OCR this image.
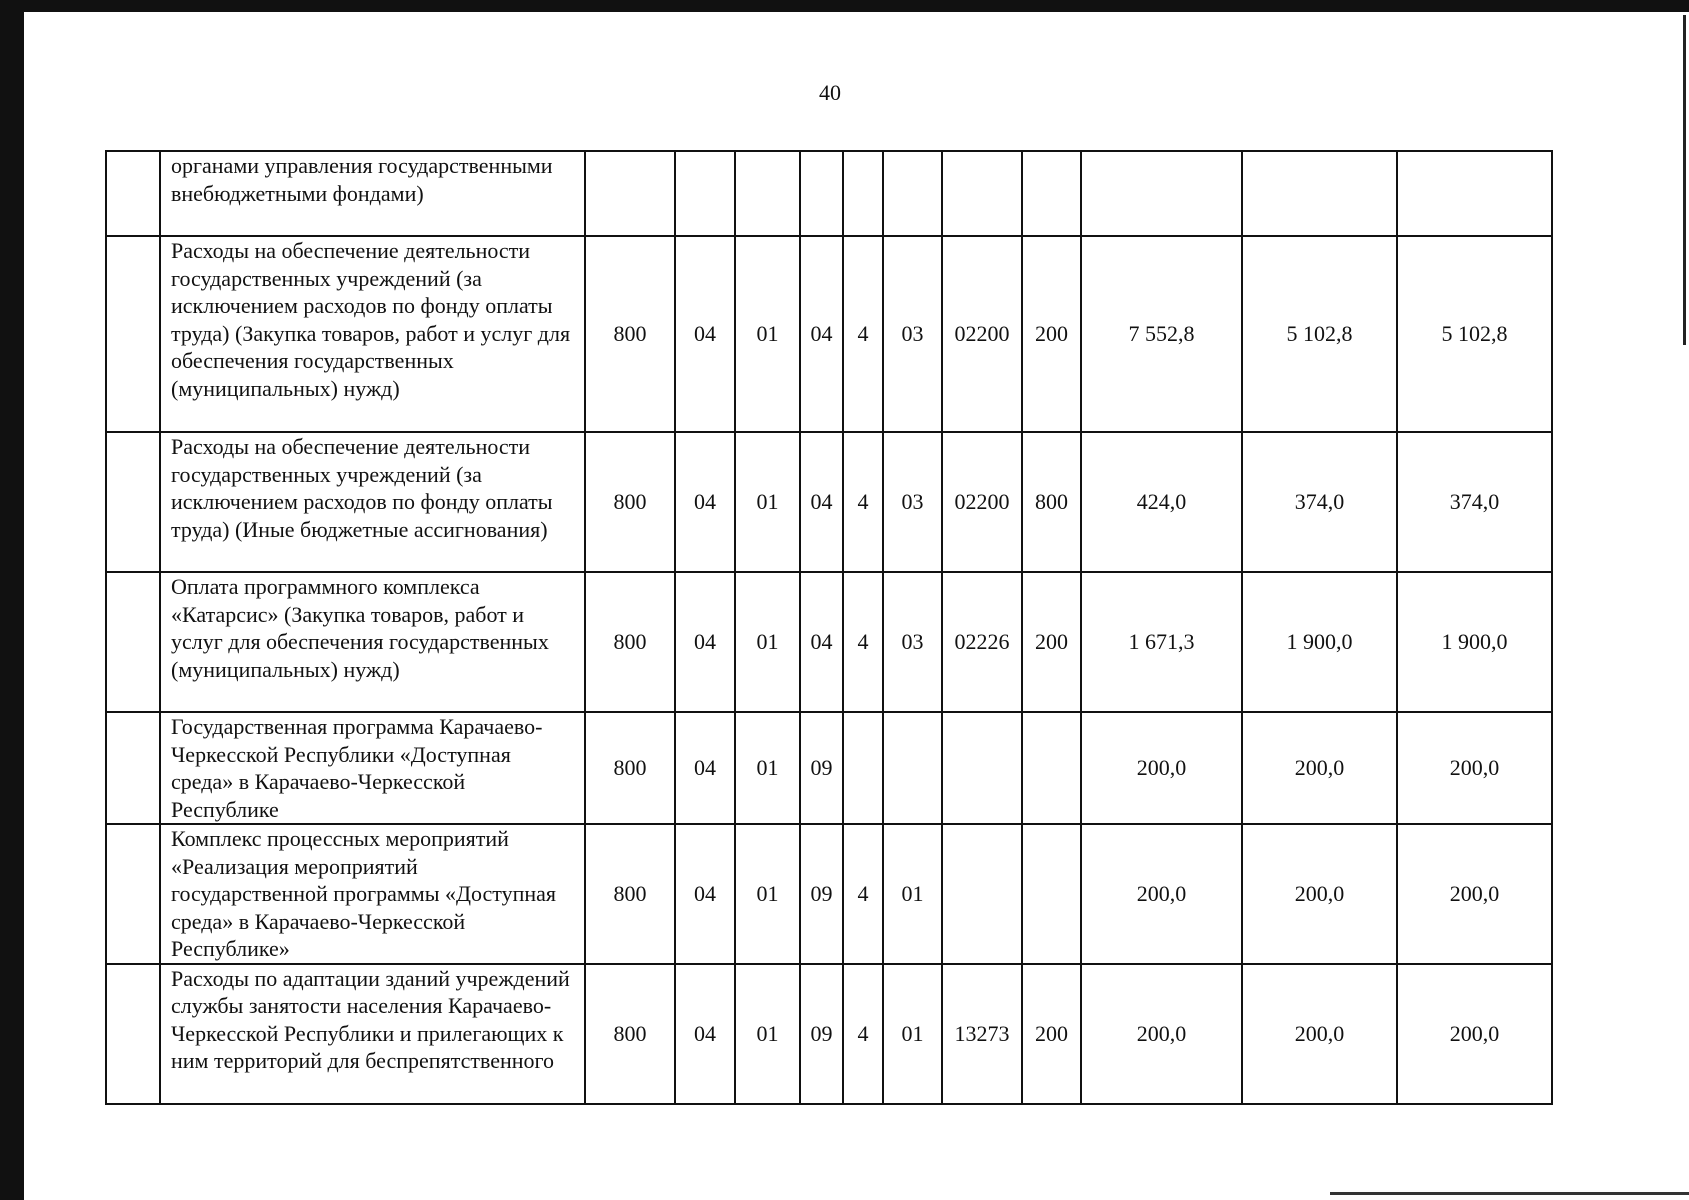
40
	органами управления государственными внебюджетными фондами)											
	Расходы на обеспечение деятельности государственных учреждений (за исключением расходов по фонду оплаты труда) (Закупка товаров, работ и услуг для обеспечения государственных (муниципальных) нужд)	800	04	01	04	4	03	02200	200	7 552,8	5 102,8	5 102,8
	Расходы на обеспечение деятельности государственных учреждений (за исключением расходов по фонду оплаты труда) (Иные бюджетные ассигнования)	800	04	01	04	4	03	02200	800	424,0	374,0	374,0
	Оплата программного комплекса «Катарсис» (Закупка товаров, работ и услуг для обеспечения государственных (муниципальных) нужд)	800	04	01	04	4	03	02226	200	1 671,3	1 900,0	1 900,0
	Государственная программа Карачаево-Черкесской Республики «Доступная среда» в Карачаево-Черкесской Республике	800	04	01	09					200,0	200,0	200,0
	Комплекс процессных мероприятий «Реализация мероприятий государственной программы «Доступная среда» в Карачаево-Черкесской Республике»	800	04	01	09	4	01			200,0	200,0	200,0
	Расходы по адаптации зданий учреждений службы занятости населения Карачаево-Черкесской Республики и прилегающих к ним территорий для беспрепятственного	800	04	01	09	4	01	13273	200	200,0	200,0	200,0
